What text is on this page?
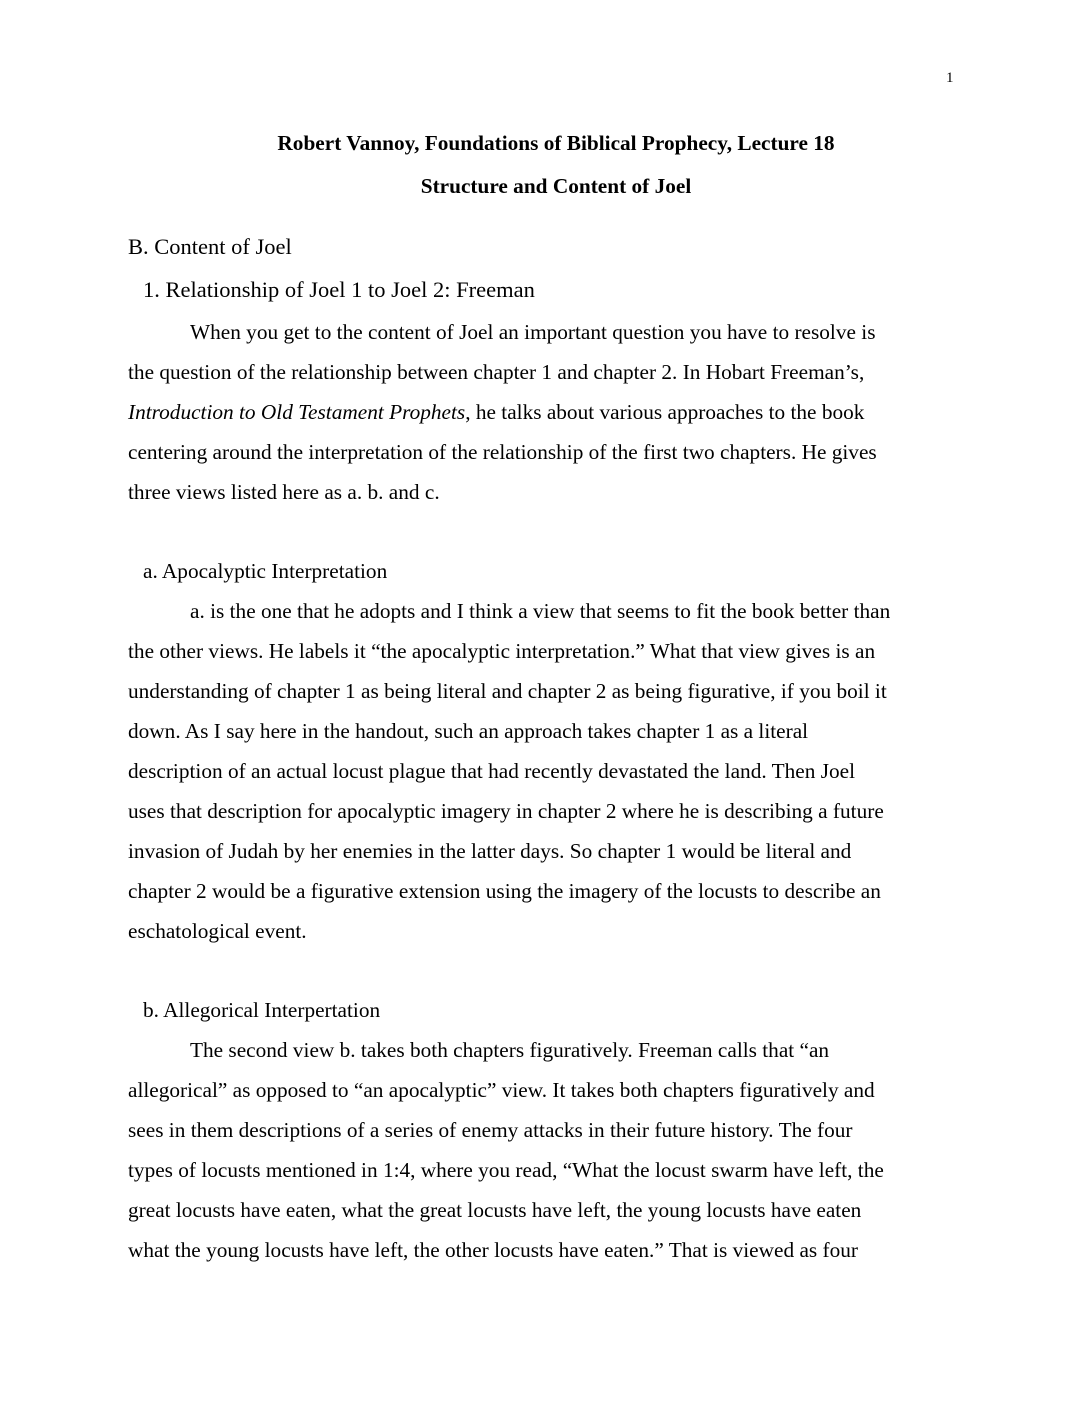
1
Robert Vannoy, Foundations of Biblical Prophecy, Lecture 18
Structure and Content of Joel
B. Content of Joel
1. Relationship of Joel 1 to Joel 2: Freeman
When you get to the content of Joel an important question you have to resolve is
the question of the relationship between chapter 1 and chapter 2. In Hobart Freeman’s,
Introduction to Old Testament Prophets, he talks about various approaches to the book
centering around the interpretation of the relationship of the first two chapters. He gives
three views listed here as a. b. and c.
a. Apocalyptic Interpretation
a. is the one that he adopts and I think a view that seems to fit the book better than
the other views. He labels it “the apocalyptic interpretation.” What that view gives is an
understanding of chapter 1 as being literal and chapter 2 as being figurative, if you boil it
down. As I say here in the handout, such an approach takes chapter 1 as a literal
description of an actual locust plague that had recently devastated the land. Then Joel
uses that description for apocalyptic imagery in chapter 2 where he is describing a future
invasion of Judah by her enemies in the latter days. So chapter 1 would be literal and
chapter 2 would be a figurative extension using the imagery of the locusts to describe an
eschatological event.
b. Allegorical Interpertation
The second view b. takes both chapters figuratively. Freeman calls that “an
allegorical” as opposed to “an apocalyptic” view. It takes both chapters figuratively and
sees in them descriptions of a series of enemy attacks in their future history. The four
types of locusts mentioned in 1:4, where you read, “What the locust swarm have left, the
great locusts have eaten, what the great locusts have left, the young locusts have eaten
what the young locusts have left, the other locusts have eaten.” That is viewed as four
